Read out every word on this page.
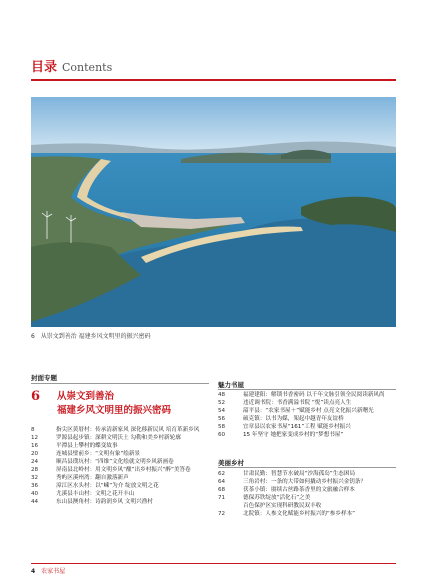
目录 Contents
6 从崇文到善治 福建乡风文明里的振兴密码
封面专题
6 从崇文到善治
福建乡风文明里的振兴密码
8	指尖区黄厝村：传承清新家风 深化移新民风 培育革新乡风
12	罗源县起步镇：深耕文明沃土 勾勒和美乡村新轮廓
16	平潭县上攀村的蝶变故事
20	连城县璧前乡：“文明有象”绘新景
24	顺昌县璞坑村：“四维”文化绘就文明乡风新画卷
28	屏南县北岭村：用文明乡风“酿”出乡村振兴“醉”美答卷
32	秀屿区溪州湾：翻自激落新声
36	漳江区水头村：以“嵊”为介 绽放文明之花
40	尤溪县丰山村：文明之花开丰山
44	东山县澳角村：诗韵润乡风 文明兴渔村
魅力书屋
48	福建建阳：解锁书香密码 以千年文脉引领全民阅读新风尚
52	违近调书院：书香满溢书院 “悦”读点亮人生
54	韶平县：“农家书屋＋”赋能乡村 点亮文化振兴新曙光
56	硕克镇：以书为媒，架起中越青年友谊桥
58	宜章县以农家书屋“161”工程 赋能乡村振兴
60	15 年坚守 她把家变成乡村的“梦想书屋”
美丽乡村
62	甘肃民勤：智慧节水破局“沙海孤岛”生态困局
64	三角岩村：一条的大带如何撬动乡村振兴金钥条？
68	茯茶小镇：赓续古丝路茶香里的文旅融合样本
71	德保苏铁绽放“活化石”之美
百色保护区实现科研教民双丰收
72	北院镇：人参文化赋能乡村振兴的“参乡样本”
4 农家书屋
